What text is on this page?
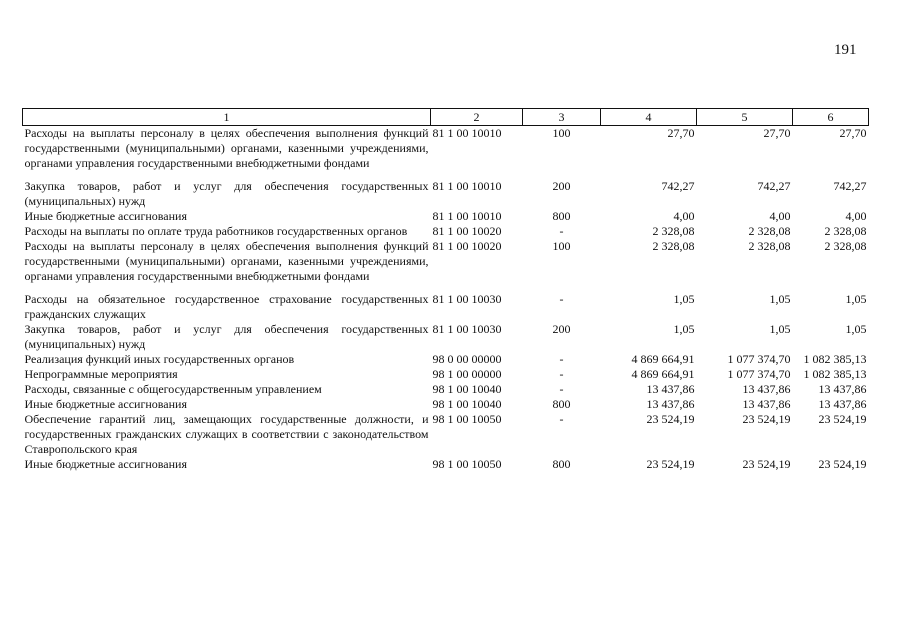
191
1	2	3	4	5	6
Расходы на выплаты персоналу в целях обеспечения выполнения функций государственными (муниципальными) органами, казенными учреждениями, органами управления государственными внебюджетными фондами	81 1 00 10010	100	27,70	27,70	27,70
Закупка товаров, работ и услуг для обеспечения государственных (муниципальных) нужд	81 1 00 10010	200	742,27	742,27	742,27
Иные бюджетные ассигнования	81 1 00 10010	800	4,00	4,00	4,00
Расходы на выплаты по оплате труда работников государственных органов	81 1 00 10020	-	2 328,08	2 328,08	2 328,08
Расходы на выплаты персоналу в целях обеспечения выполнения функций государственными (муниципальными) органами, казенными учреждениями, органами управления государственными внебюджетными фондами	81 1 00 10020	100	2 328,08	2 328,08	2 328,08
Расходы на обязательное государственное страхование государственных гражданских служащих	81 1 00 10030	-	1,05	1,05	1,05
Закупка товаров, работ и услуг для обеспечения государственных (муниципальных) нужд	81 1 00 10030	200	1,05	1,05	1,05
Реализация функций иных государственных органов	98 0 00 00000	-	4 869 664,91	1 077 374,70	1 082 385,13
Непрограммные мероприятия	98 1 00 00000	-	4 869 664,91	1 077 374,70	1 082 385,13
Расходы, связанные с общегосударственным управлением	98 1 00 10040	-	13 437,86	13 437,86	13 437,86
Иные бюджетные ассигнования	98 1 00 10040	800	13 437,86	13 437,86	13 437,86
Обеспечение гарантий лиц, замещающих государственные должности, и государственных гражданских служащих в соответствии с законодательством Ставропольского края	98 1 00 10050	-	23 524,19	23 524,19	23 524,19
Иные бюджетные ассигнования	98 1 00 10050	800	23 524,19	23 524,19	23 524,19
